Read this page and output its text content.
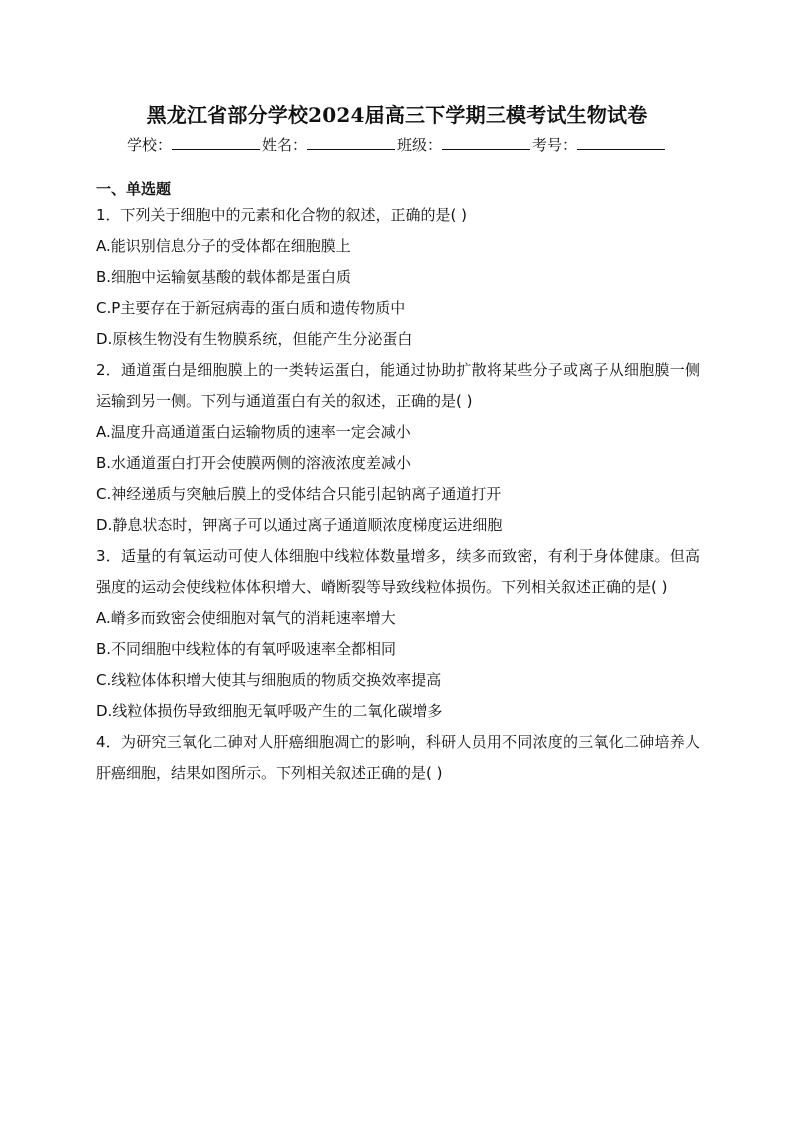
黑龙江省部分学校2024届高三下学期三模考试生物试卷
学校：	姓名：	班级：	考号：
一、单选题

1．下列关于细胞中的元素和化合物的叙述，正确的是( )

A.能识别信息分子的受体都在细胞膜上

B.细胞中运输氨基酸的载体都是蛋白质

C.P主要存在于新冠病毒的蛋白质和遗传物质中

D.原核生物没有生物膜系统，但能产生分泌蛋白

2．通道蛋白是细胞膜上的一类转运蛋白，能通过协助扩散将某些分子或离子从细胞膜一侧运输到另一侧。下列与通道蛋白有关的叙述，正确的是( )

A.温度升高通道蛋白运输物质的速率一定会减小

B.水通道蛋白打开会使膜两侧的溶液浓度差减小

C.神经递质与突触后膜上的受体结合只能引起钠离子通道打开

D.静息状态时，钾离子可以通过离子通道顺浓度梯度运进细胞

3．适量的有氧运动可使人体细胞中线粒体数量增多，续多而致密，有利于身体健康。但高强度的运动会使线粒体体积增大、嵴断裂等导致线粒体损伤。下列相关叙述正确的是( )

A.嵴多而致密会使细胞对氧气的消耗速率增大

B.不同细胞中线粒体的有氧呼吸速率全都相同

C.线粒体体积增大使其与细胞质的物质交换效率提高

D.线粒体损伤导致细胞无氧呼吸产生的二氧化碳增多

4．为研究三氧化二砷对人肝癌细胞凋亡的影响，科研人员用不同浓度的三氧化二砷培养人肝癌细胞，结果如图所示。下列相关叙述正确的是( )
